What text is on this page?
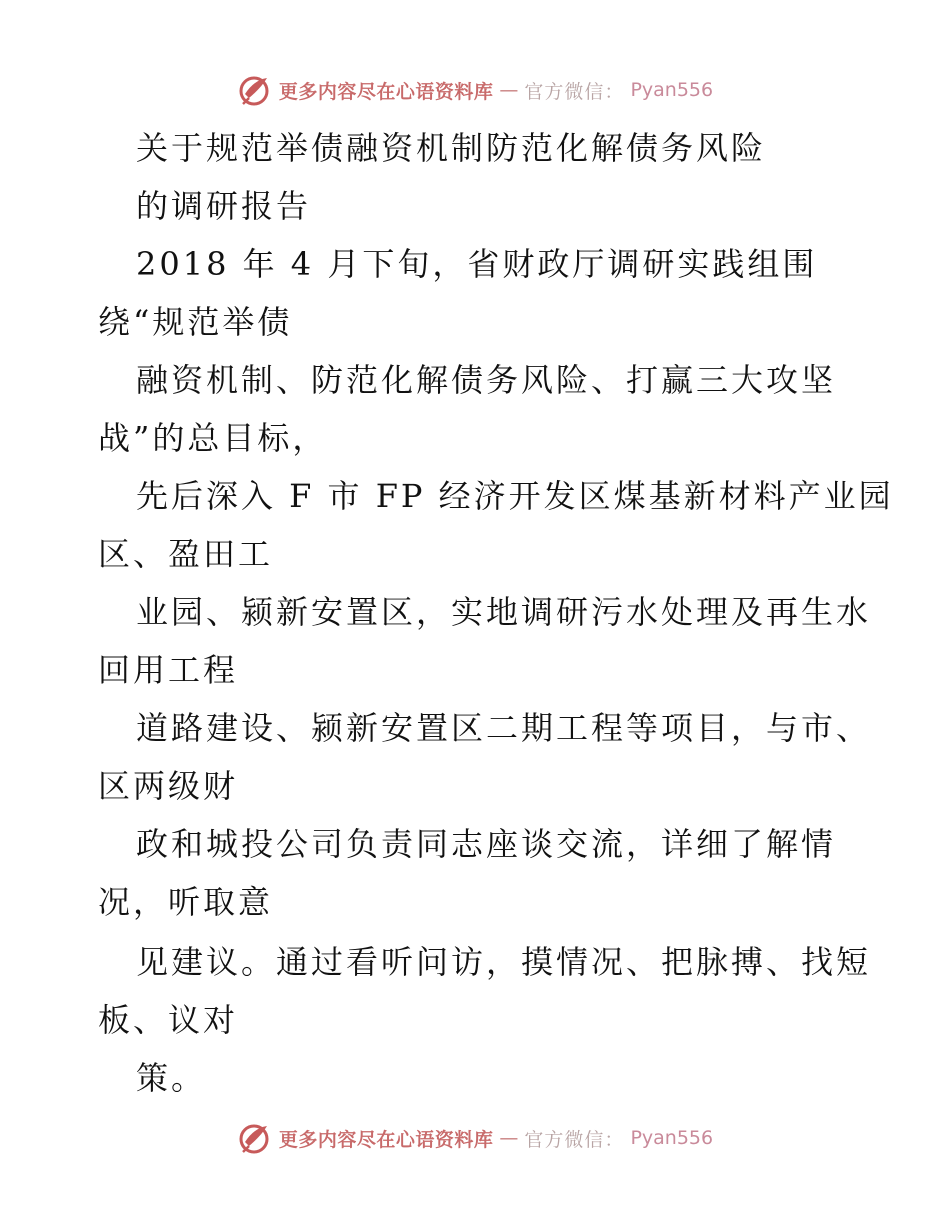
更多内容尽在心语资料库 — 官方微信： Pyan556
关于规范举债融资机制防范化解债务风险
的调研报告
2018 年 4 月下旬，省财政厅调研实践组围
绕“规范举债
融资机制、防范化解债务风险、打赢三大攻坚
战”的总目标，
先后深入 F 市 FP 经济开发区煤基新材料产业园
区、盈田工
业园、颍新安置区，实地调研污水处理及再生水
回用工程
道路建设、颍新安置区二期工程等项目，与市、
区两级财
政和城投公司负责同志座谈交流，详细了解情
况，听取意
见建议。通过看听问访，摸情况、把脉搏、找短
板、议对
策。
更多内容尽在心语资料库 — 官方微信： Pyan556
